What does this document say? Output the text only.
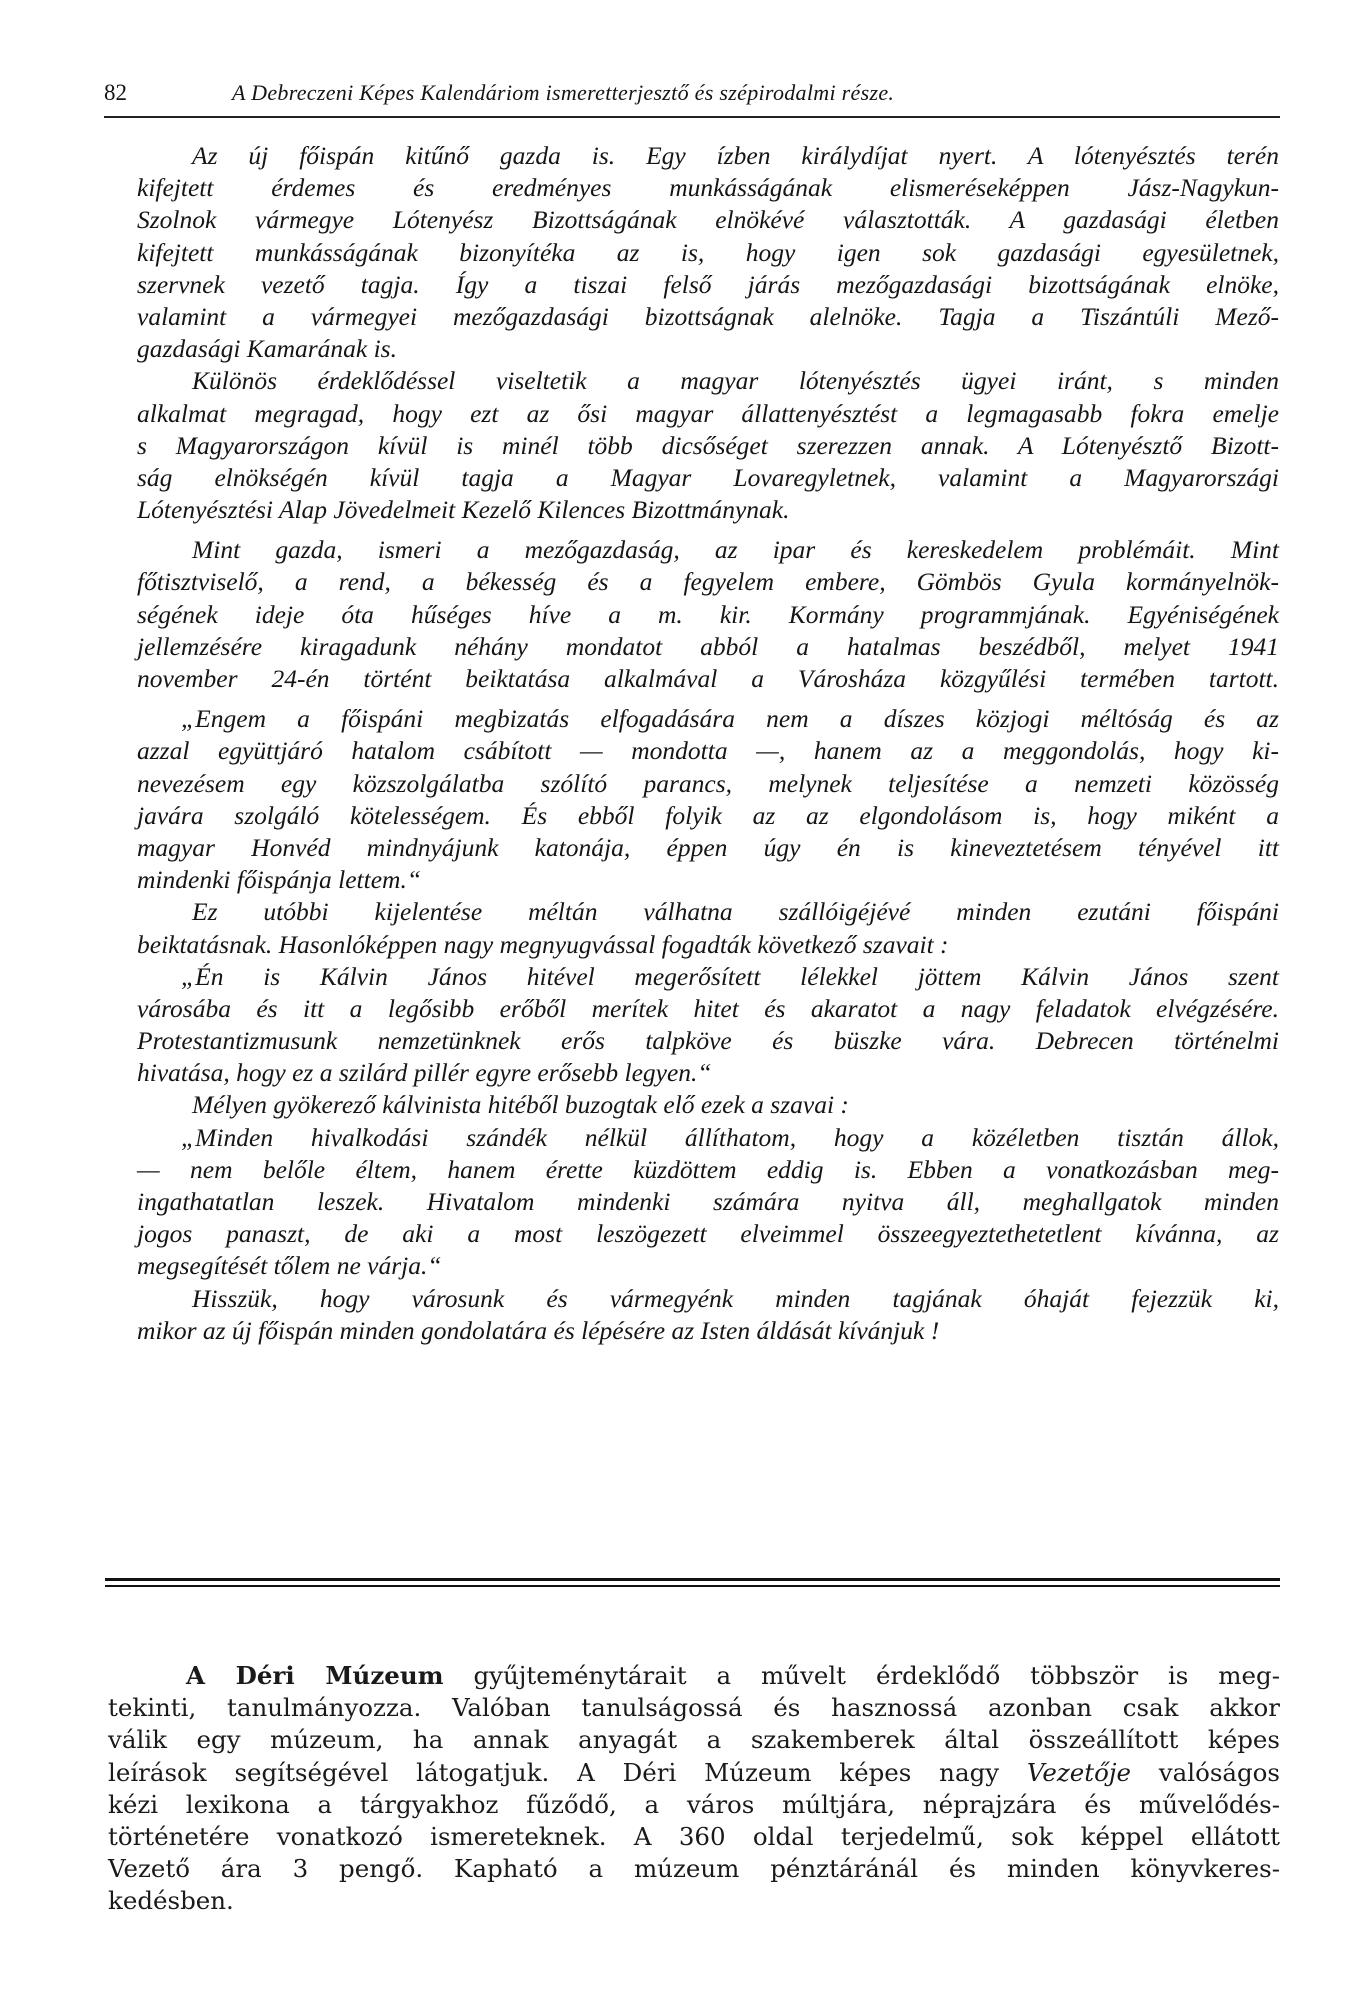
82	A Debreczeni Képes Kalendáriom ismeretterjesztő és szépirodalmi része.
Az új főispán kitűnő gazda is. Egy ízben királydíjat nyert. A lótenyésztés terén
kifejtett érdemes és eredményes munkásságának elismeréseképpen Jász-Nagykun-
Szolnok vármegye Lótenyész Bizottságának elnökévé választották. A gazdasági életben
kifejtett munkásságának bizonyítéka az is, hogy igen sok gazdasági egyesületnek,
szervnek vezető tagja. Így a tiszai felső járás mezőgazdasági bizottságának elnöke,
valamint a vármegyei mezőgazdasági bizottságnak alelnöke. Tagja a Tiszántúli Mező-
gazdasági Kamarának is.
Különös érdeklődéssel viseltetik a magyar lótenyésztés ügyei iránt, s minden
alkalmat megragad, hogy ezt az ősi magyar állattenyésztést a legmagasabb fokra emelje
s Magyarországon kívül is minél több dicsőséget szerezzen annak. A Lótenyésztő Bizott-
ság elnökségén kívül tagja a Magyar Lovaregyletnek, valamint a Magyarországi
Lótenyésztési Alap Jövedelmeit Kezelő Kilences Bizottmánynak.
Mint gazda, ismeri a mezőgazdaság, az ipar és kereskedelem problémáit. Mint
főtisztviselő, a rend, a békesség és a fegyelem embere, Gömbös Gyula kormányelnök-
ségének ideje óta hűséges híve a m. kir. Kormány programmjának. Egyéniségének
jellemzésére kiragadunk néhány mondatot abból a hatalmas beszédből, melyet 1941
november 24-én történt beiktatása alkalmával a Városháza közgyűlési termében tartott.
„Engem a főispáni megbizatás elfogadására nem a díszes közjogi méltóság és az
azzal együttjáró hatalom csábított — mondotta —, hanem az a meggondolás, hogy ki-
nevezésem egy közszolgálatba szólító parancs, melynek teljesítése a nemzeti közösség
javára szolgáló kötelességem. És ebből folyik az az elgondolásom is, hogy miként a
magyar Honvéd mindnyájunk katonája, éppen úgy én is kineveztetésem tényével itt
mindenki főispánja lettem.“
Ez utóbbi kijelentése méltán válhatna szállóigéjévé minden ezutáni főispáni
beiktatásnak. Hasonlóképpen nagy megnyugvással fogadták következő szavait :
„Én is Kálvin János hitével megerősített lélekkel jöttem Kálvin János szent
városába és itt a legősibb erőből merítek hitet és akaratot a nagy feladatok elvégzésére.
Protestantizmusunk nemzetünknek erős talpköve és büszke vára. Debrecen történelmi
hivatása, hogy ez a szilárd pillér egyre erősebb legyen.“
Mélyen gyökerező kálvinista hitéből buzogtak elő ezek a szavai :
„Minden hivalkodási szándék nélkül állíthatom, hogy a közéletben tisztán állok,
— nem belőle éltem, hanem érette küzdöttem eddig is. Ebben a vonatkozásban meg-
ingathatatlan leszek. Hivatalom mindenki számára nyitva áll, meghallgatok minden
jogos panaszt, de aki a most leszögezett elveimmel összeegyeztethetetlent kívánna, az
megsegítését tőlem ne várja.“
Hisszük, hogy városunk és vármegyénk minden tagjának óhaját fejezzük ki,
mikor az új főispán minden gondolatára és lépésére az Isten áldását kívánjuk !
A Déri Múzeum gyűjteménytárait a művelt érdeklődő többször is meg-
tekinti, tanulmányozza. Valóban tanulságossá és hasznossá azonban csak akkor
válik egy múzeum, ha annak anyagát a szakemberek által összeállított képes
leírások segítségével látogatjuk. A Déri Múzeum képes nagy Vezetője valóságos
kézi lexikona a tárgyakhoz fűződő, a város múltjára, néprajzára és művelődés-
történetére vonatkozó ismereteknek. A 360 oldal terjedelmű, sok képpel ellátott
Vezető ára 3 pengő. Kapható a múzeum pénztáránál és minden könyvkeres-
kedésben.
